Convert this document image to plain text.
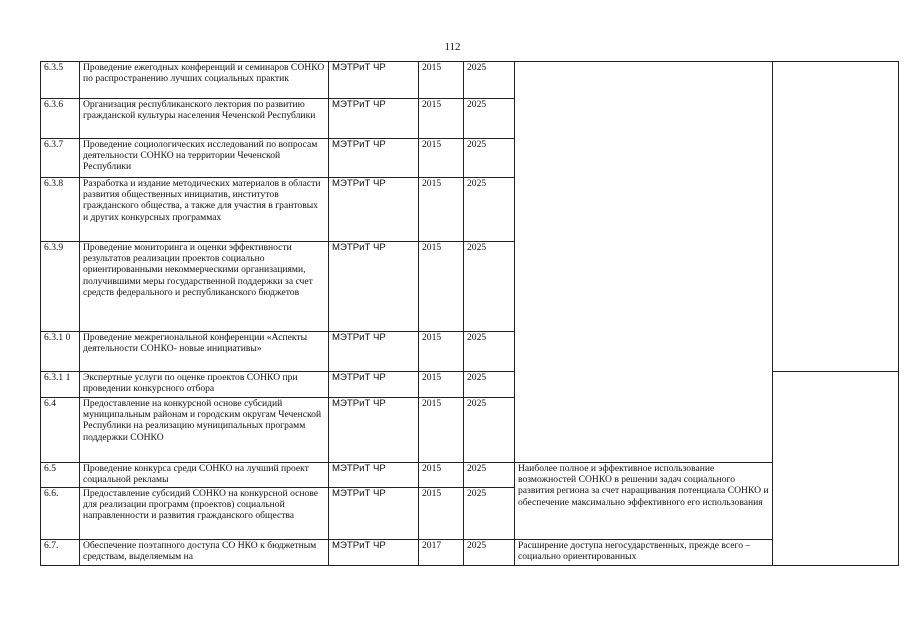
112
6.3.5	Проведение ежегодных конференций и семинаров СОНКО по распространению лучших социальных практик	МЭТРиТ ЧР	2015	2025		
6.3.6	Организация республиканского лектория по развитию гражданской культуры населения Чеченской Республики	МЭТРиТ ЧР	2015	2025		
6.3.7	Проведение социологических исследований по вопросам деятельности СОНКО на территории Чеченской Республики	МЭТРиТ ЧР	2015	2025		
6.3.8	Разработка и издание методических материалов в области развития общественных инициатив, институтов гражданского общества, а также для участия в грантовых и других конкурсных программах	МЭТРиТ ЧР	2015	2025		
6.3.9	Проведение мониторинга и оценки эффективности результатов реализации проектов социально ориентированными некоммерческими организациями, получившими меры государственной поддержки за счет средств федерального и республиканского бюджетов	МЭТРиТ ЧР	2015	2025		
6.3.1 0	Проведение межрегиональной конференции «Аспекты деятельности СОНКО- новые инициативы»	МЭТРиТ ЧР	2015	2025		
6.3.1 1	Экспертные услуги по оценке проектов СОНКО при проведении конкурсного отбора	МЭТРиТ ЧР	2015	2025		
6.4	Предоставление на конкурсной основе субсидий муниципальным районам и городским округам Чеченской Республики на реализацию муниципальных программ поддержки СОНКО	МЭТРиТ ЧР	2015	2025		
6.5	Проведение конкурса среди СОНКО на лучший проект социальной рекламы	МЭТРиТ ЧР	2015	2025	Наиболее полное и эффективное использование возможностей СОНКО в решении задач социального развития региона за счет наращивания потенциала СОНКО и обеспечение максимально эффективного его использования	
6.6.	Предоставление субсидий СОНКО на конкурсной основе для реализации программ (проектов) социальной направленности и развития гражданского общества	МЭТРиТ ЧР	2015	2025		
6.7.	Обеспечение поэтапного доступа СО НКО к бюджетным средствам, выделяемым на	МЭТРиТ ЧР	2017	2025	Расширение доступа негосударственных, прежде всего – социально ориентированных	
